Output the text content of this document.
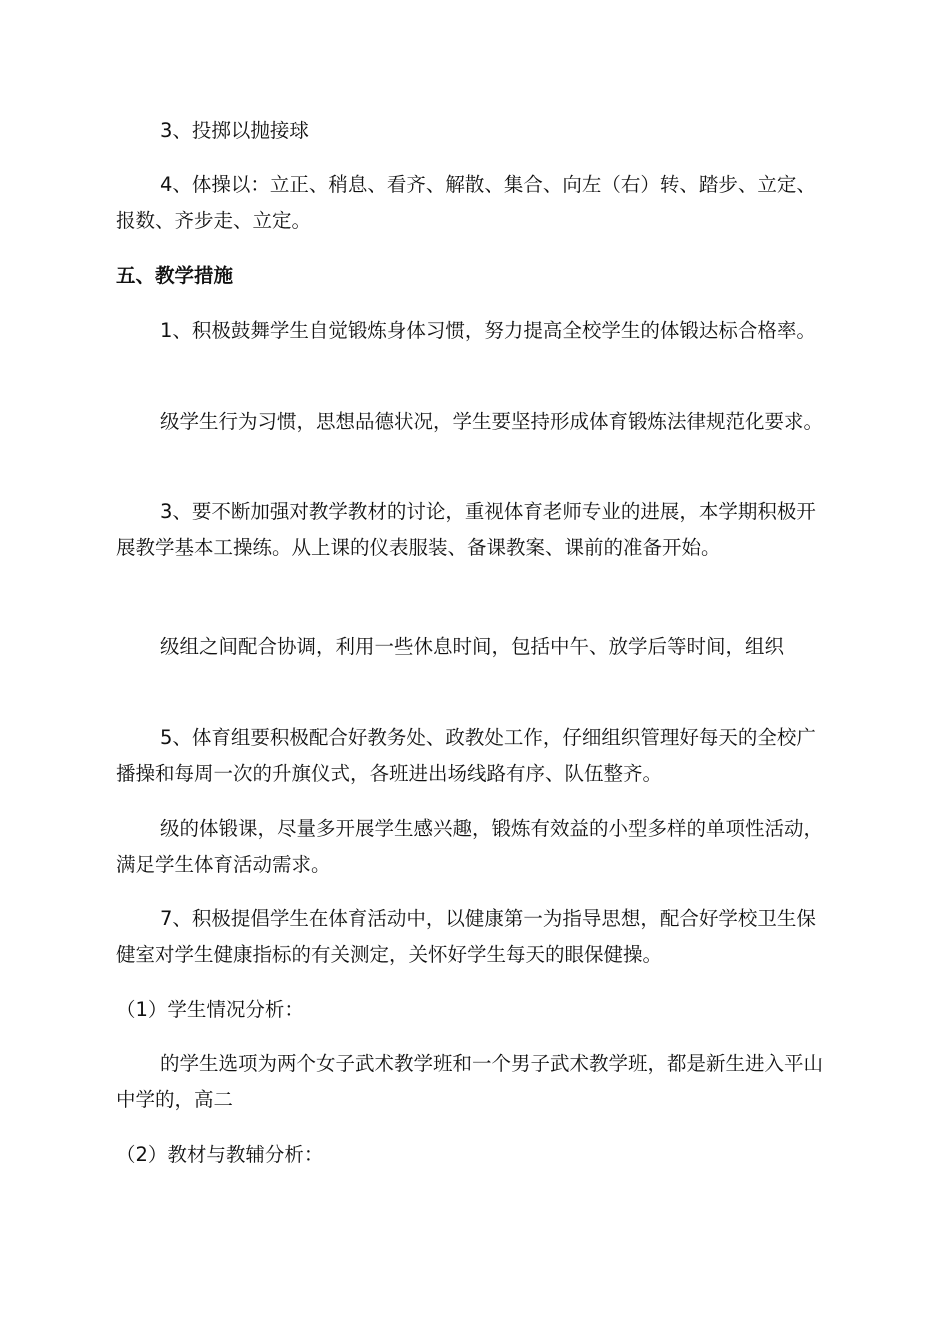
3、投掷以抛接球

4、体操以：立正、稍息、看齐、解散、集合、向左（右）转、踏步、立定、报数、齐步走、立定。

五、教学措施

1、积极鼓舞学生自觉锻炼身体习惯，努力提高全校学生的体锻达标合格率。

级学生行为习惯，思想品德状况，学生要坚持形成体育锻炼法律规范化要求。

3、要不断加强对教学教材的讨论，重视体育老师专业的进展，本学期积极开展教学基本工操练。从上课的仪表服装、备课教案、课前的准备开始。

级组之间配合协调，利用一些休息时间，包括中午、放学后等时间，组织

5、体育组要积极配合好教务处、政教处工作，仔细组织管理好每天的全校广播操和每周一次的升旗仪式，各班进出场线路有序、队伍整齐。

级的体锻课，尽量多开展学生感兴趣，锻炼有效益的小型多样的单项性活动，满足学生体育活动需求。

7、积极提倡学生在体育活动中，以健康第一为指导思想，配合好学校卫生保健室对学生健康指标的有关测定，关怀好学生每天的眼保健操。

（1）学生情况分析：

的学生选项为两个女子武术教学班和一个男子武术教学班，都是新生进入平山中学的，高二

（2）教材与教辅分析：
